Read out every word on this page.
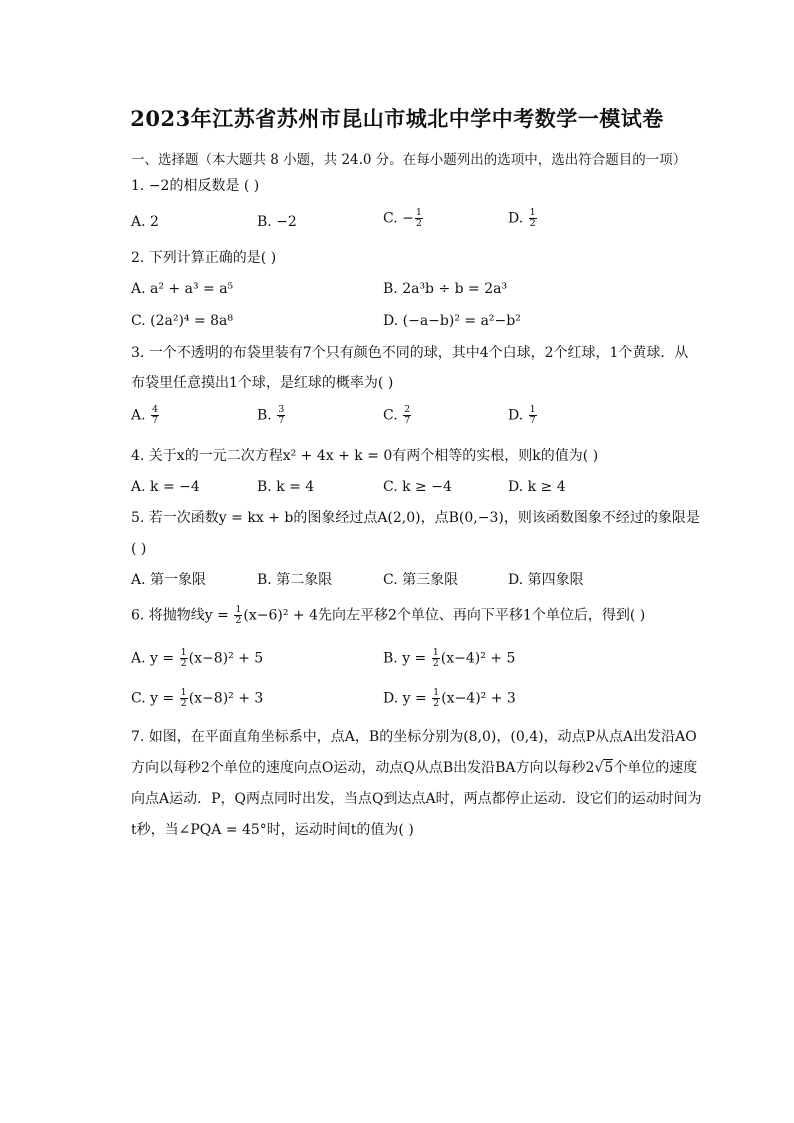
2023年江苏省苏州市昆山市城北中学中考数学一模试卷
一、选择题（本大题共 8 小题，共 24.0 分。在每小题列出的选项中，选出符合题目的一项）
1. −2的相反数是 ( )
A. 2	B. −2	C. − $\frac{1}{2}$	D. $\frac{1}{2}$
2. 下列计算正确的是( )
A. a² + a³ = a⁵	B. 2a³b ÷ b = 2a³
C. (2a²)⁴ = 8a⁸	D. (−a−b)² = a²−b²
3. 一个不透明的布袋里装有7个只有颜色不同的球，其中4个白球，2个红球，1个黄球．从
布袋里任意摸出1个球，是红球的概率为( )
A. $\frac{4}{7}$	B. $\frac{3}{7}$	C. $\frac{2}{7}$	D. $\frac{1}{7}$
4. 关于x的一元二次方程x² + 4x + k = 0有两个相等的实根，则k的值为( )
A. k = −4	B. k = 4	C. k ≥ −4	D. k ≥ 4
5. 若一次函数y = kx + b的图象经过点A(2,0)，点B(0,−3)，则该函数图象不经过的象限是
( )
A. 第一象限	B. 第二象限	C. 第三象限	D. 第四象限
6. 将抛物线$y = \frac{1}{2} (x-6)^2 + 4$先向左平移2个单位、再向下平移1个单位后，得到( )
A. $y = \frac{1}{2} (x-8)^2 + 5$	B. $y = \frac{1}{2} (x-4)^2 + 5$
C. $y = \frac{1}{2} (x-8)^2 + 3$	D. $y = \frac{1}{2} (x-4)^2 + 3$
7. 如图，在平面直角坐标系中，点A，B的坐标分别为(8,0)，(0,4)，动点P从点A出发沿AO
方向以每秒2个单位的速度向点O运动，动点Q从点B出发沿BA方向以每秒2√5个单位的速度
向点A运动．P，Q两点同时出发，当点Q到达点A时，两点都停止运动．设它们的运动时间为
t秒，当∠PQA = 45°时，运动时间t的值为( )
